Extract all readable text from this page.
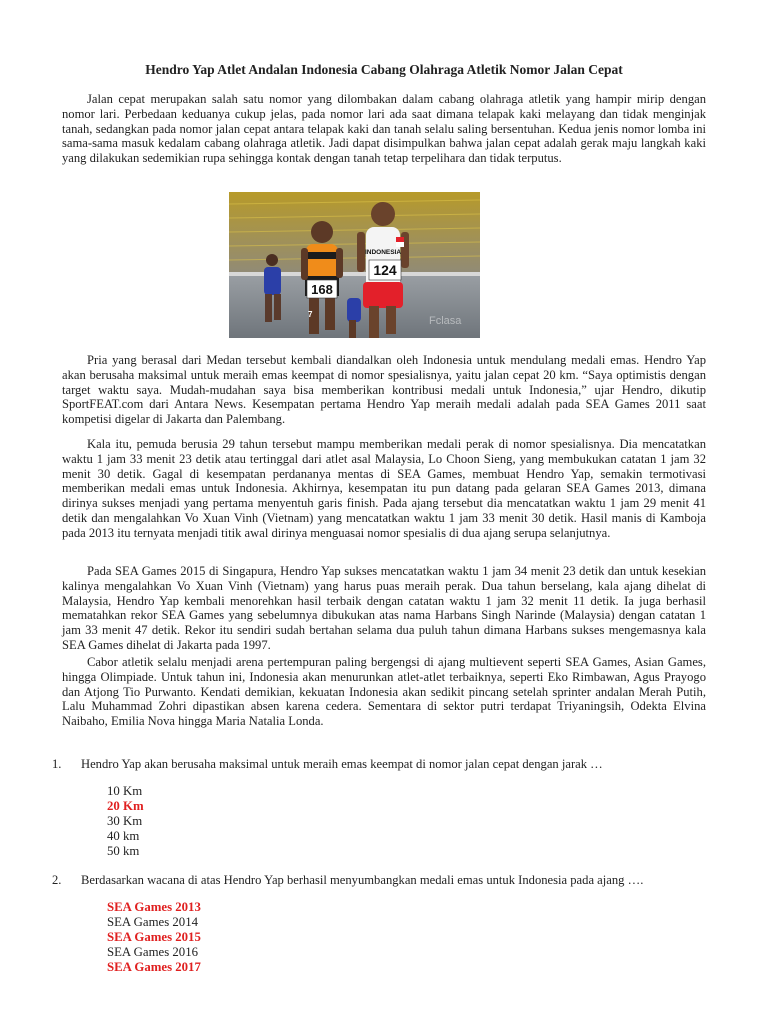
Hendro Yap Atlet Andalan Indonesia Cabang Olahraga Atletik Nomor Jalan Cepat

Jalan cepat merupakan salah satu nomor yang dilombakan dalam cabang olahraga atletik yang hampir mirip dengan nomor lari. Perbedaan keduanya cukup jelas, pada nomor lari ada saat dimana telapak kaki melayang dan tidak menginjak tanah, sedangkan pada nomor jalan cepat antara telapak kaki dan tanah selalu saling bersentuhan. Kedua jenis nomor lomba ini sama-sama masuk kedalam cabang olahraga atletik. Jadi dapat disimpulkan bahwa jalan cepat adalah gerak maju langkah kaki yang dilakukan sedemikian rupa sehingga kontak dengan tanah tetap terpelihara dan tidak terputus.

168
7
INDONESIA
124
Fclasa

Pria yang berasal dari Medan tersebut kembali diandalkan oleh Indonesia untuk mendulang medali emas. Hendro Yap akan berusaha maksimal untuk meraih emas keempat di nomor spesialisnya, yaitu jalan cepat 20 km. “Saya optimistis dengan target waktu saya. Mudah-mudahan saya bisa memberikan kontribusi medali untuk Indonesia,” ujar Hendro, dikutip SportFEAT.com dari Antara News. Kesempatan pertama Hendro Yap meraih medali adalah pada SEA Games 2011 saat kompetisi digelar di Jakarta dan Palembang.

Kala itu, pemuda berusia 29 tahun tersebut mampu memberikan medali perak di nomor spesialisnya. Dia mencatatkan waktu 1 jam 33 menit 23 detik atau tertinggal dari atlet asal Malaysia, Lo Choon Sieng, yang membukukan catatan 1 jam 32 menit 30 detik. Gagal di kesempatan perdananya mentas di SEA Games, membuat Hendro Yap, semakin termotivasi memberikan medali emas untuk Indonesia. Akhirnya, kesempatan itu pun datang pada gelaran SEA Games 2013, dimana dirinya sukses menjadi yang pertama menyentuh garis finish. Pada ajang tersebut dia mencatatkan waktu 1 jam 29 menit 41 detik dan mengalahkan Vo Xuan Vinh (Vietnam) yang mencatatkan waktu 1 jam 33 menit 30 detik. Hasil manis di Kamboja pada 2013 itu ternyata menjadi titik awal dirinya menguasai nomor spesialis di dua ajang serupa selanjutnya.

Pada SEA Games 2015 di Singapura, Hendro Yap sukses mencatatkan waktu 1 jam 34 menit 23 detik dan untuk kesekian kalinya mengalahkan Vo Xuan Vinh (Vietnam) yang harus puas meraih perak. Dua tahun berselang, kala ajang dihelat di Malaysia, Hendro Yap kembali menorehkan hasil terbaik dengan catatan waktu 1 jam 32 menit 11 detik. Ia juga berhasil mematahkan rekor SEA Games yang sebelumnya dibukukan atas nama Harbans Singh Narinde (Malaysia) dengan catatan 1 jam 33 menit 47 detik. Rekor itu sendiri sudah bertahan selama dua puluh tahun dimana Harbans sukses mengemasnya kala SEA Games dihelat di Jakarta pada 1997.

Cabor atletik selalu menjadi arena pertempuran paling bergengsi di ajang multievent seperti SEA Games, Asian Games, hingga Olimpiade. Untuk tahun ini, Indonesia akan menurunkan atlet-atlet terbaiknya, seperti Eko Rimbawan, Agus Prayogo dan Atjong Tio Purwanto. Kendati demikian, kekuatan Indonesia akan sedikit pincang setelah sprinter andalan Merah Putih, Lalu Muhammad Zohri dipastikan absen karena cedera. Sementara di sektor putri terdapat Triyaningsih, Odekta Elvina Naibaho, Emilia Nova hingga Maria Natalia Londa.

1. Hendro Yap akan berusaha maksimal untuk meraih emas keempat di nomor jalan cepat dengan jarak …
10 Km
20 Km
30 Km
40 km
50 km
2. Berdasarkan wacana di atas Hendro Yap berhasil menyumbangkan medali emas untuk Indonesia pada ajang ….
SEA Games 2013
SEA Games 2014
SEA Games 2015
SEA Games 2016
SEA Games 2017
